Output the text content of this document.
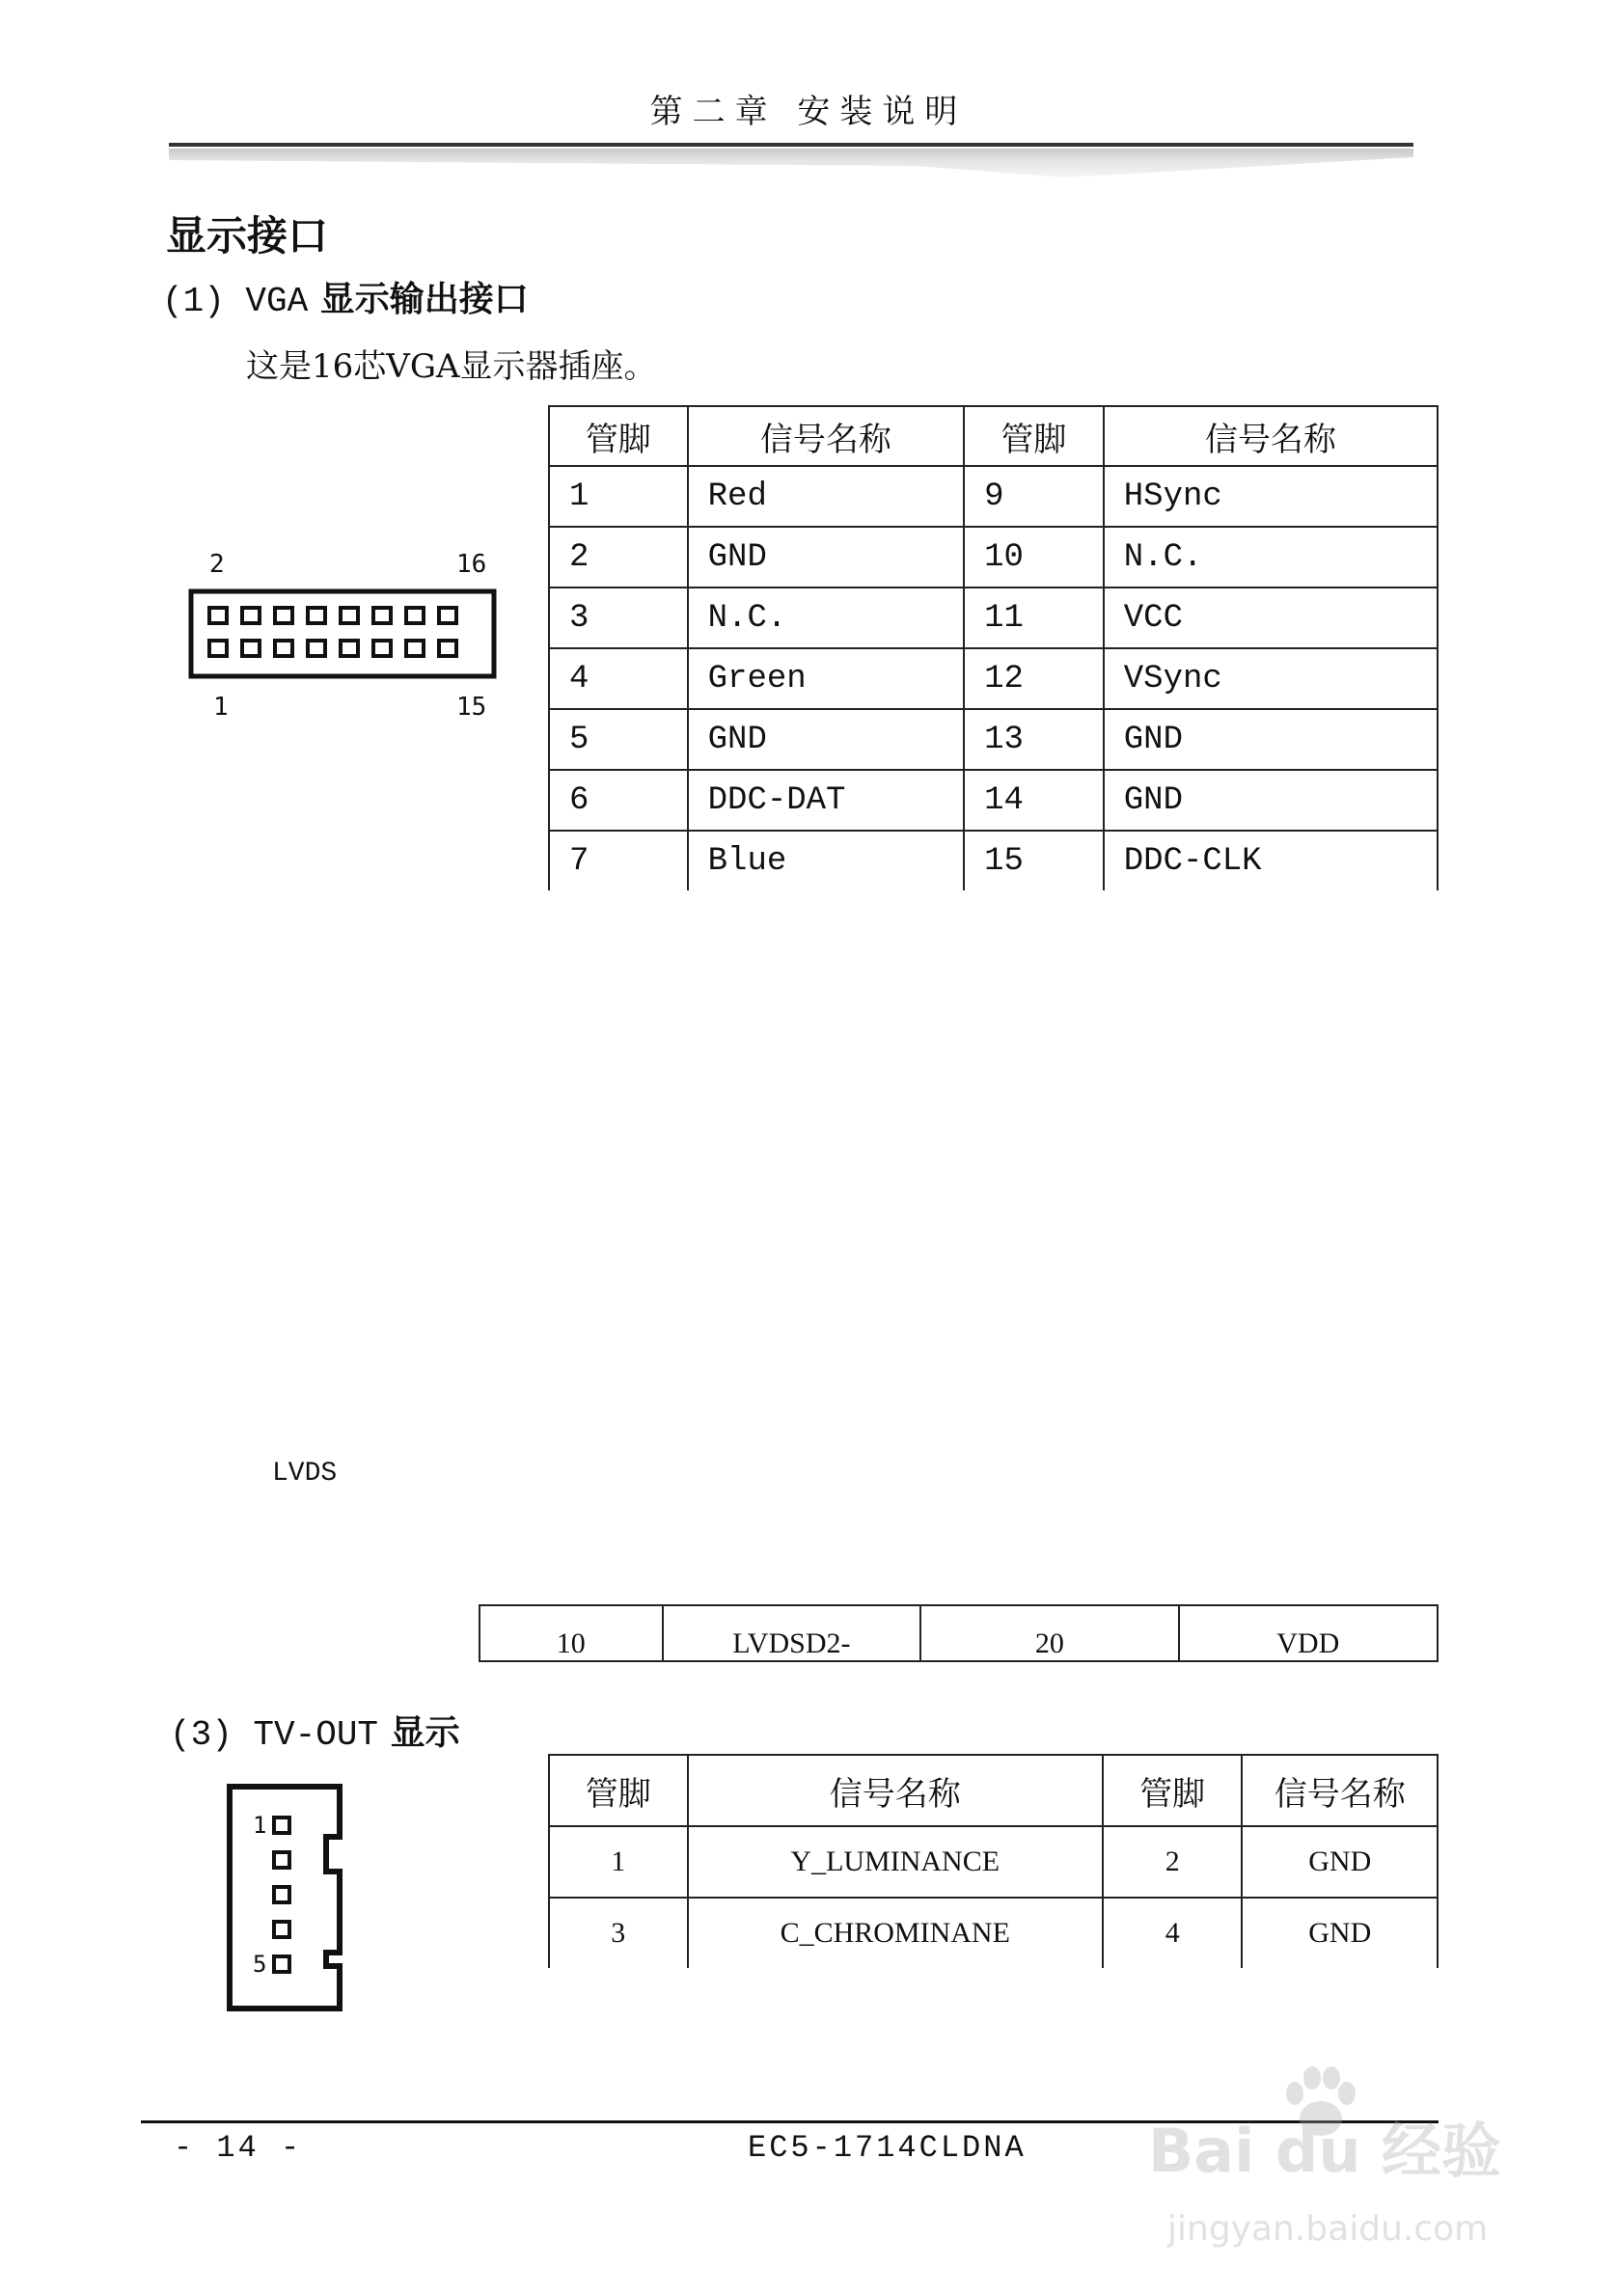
第二章 安装说明
显示接口
(1) VGA 显示输出接口
这是16芯VGA显示器插座。
2	16
1	15
管脚	信号名称	管脚	信号名称
1	Red	9	HSync
2	GND	10	N.C.
3	N.C.	11	VCC
4	Green	12	VSync
5	GND	13	GND
6	DDC-DAT	14	GND
7	Blue	15	DDC-CLK
LVDS
10	LVDSD2-	20	VDD
(3) TV-OUT 显示
1
5
管脚	信号名称	管脚	信号名称
1	Y_LUMINANCE	2	GND
3	C_CHROMINANE	4	GND
- 14 -	EC5-1714CLDNA Bai du 经验
jingyan.baidu.com
